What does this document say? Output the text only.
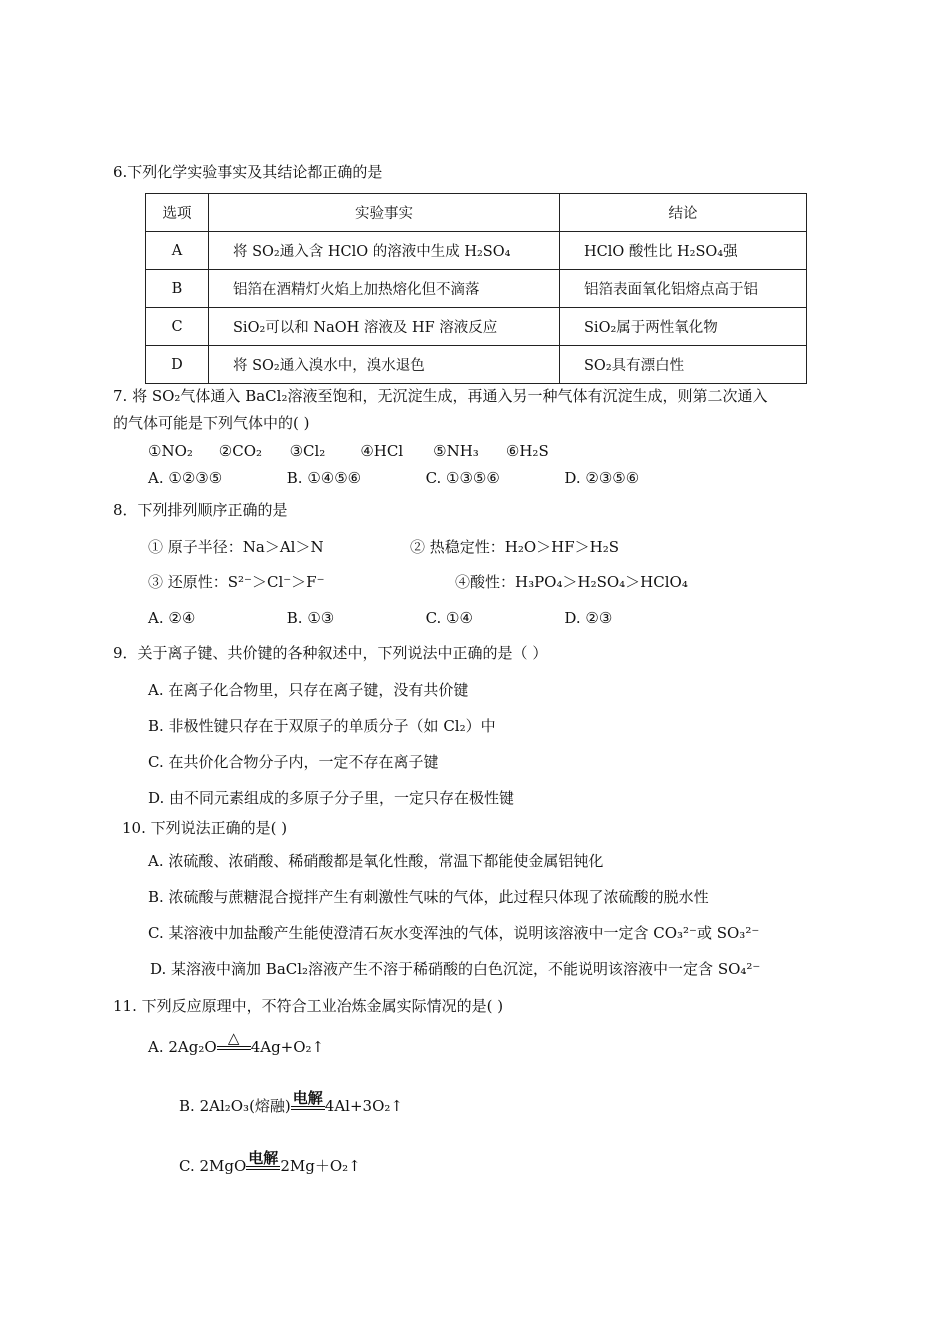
6.下列化学实验事实及其结论都正确的是
选项	实验事实	结论
A	将 SO₂通入含 HClO 的溶液中生成 H₂SO₄	HClO 酸性比 H₂SO₄强
B	铝箔在酒精灯火焰上加热熔化但不滴落	铝箔表面氧化铝熔点高于铝
C	SiO₂可以和 NaOH 溶液及 HF 溶液反应	SiO₂属于两性氧化物
D	将 SO₂通入溴水中，溴水退色	SO₂具有漂白性
7. 将 SO₂气体通入 BaCl₂溶液至饱和，无沉淀生成，再通入另一种气体有沉淀生成，则第二次通入
的气体可能是下列气体中的( )
①NO₂ ②CO₂ ③Cl₂ ④HCl ⑤NH₃ ⑥H₂S
A. ①②③⑤	B. ①④⑤⑥	C. ①③⑤⑥	D. ②③⑤⑥
8．下列排列顺序正确的是
① 原子半径：Na＞Al＞N	② 热稳定性：H₂O＞HF＞H₂S
③ 还原性：S²⁻＞Cl⁻＞F⁻	④酸性：H₃PO₄＞H₂SO₄＞HClO₄
A. ②④	B. ①③	C. ①④	D. ②③
9．关于离子键、共价键的各种叙述中，下列说法中正确的是（ ）
A. 在离子化合物里，只存在离子键，没有共价键
B. 非极性键只存在于双原子的单质分子（如 Cl₂）中
C. 在共价化合物分子内，一定不存在离子键
D. 由不同元素组成的多原子分子里，一定只存在极性键
10. 下列说法正确的是( )
A. 浓硫酸、浓硝酸、稀硝酸都是氧化性酸，常温下都能使金属铝钝化
B. 浓硫酸与蔗糖混合搅拌产生有刺激性气味的气体，此过程只体现了浓硫酸的脱水性
C. 某溶液中加盐酸产生能使澄清石灰水变浑浊的气体，说明该溶液中一定含 CO₃²⁻或 SO₃²⁻
D. 某溶液中滴加 BaCl₂溶液产生不溶于稀硝酸的白色沉淀，不能说明该溶液中一定含 SO₄²⁻
11. 下列反应原理中，不符合工业冶炼金属实际情况的是( )
A. 2Ag₂O △ 4Ag+O₂↑
B. 2Al₂O₃(熔融) 电解 4Al+3O₂↑
C. 2MgO 电解 2Mg＋O₂↑
